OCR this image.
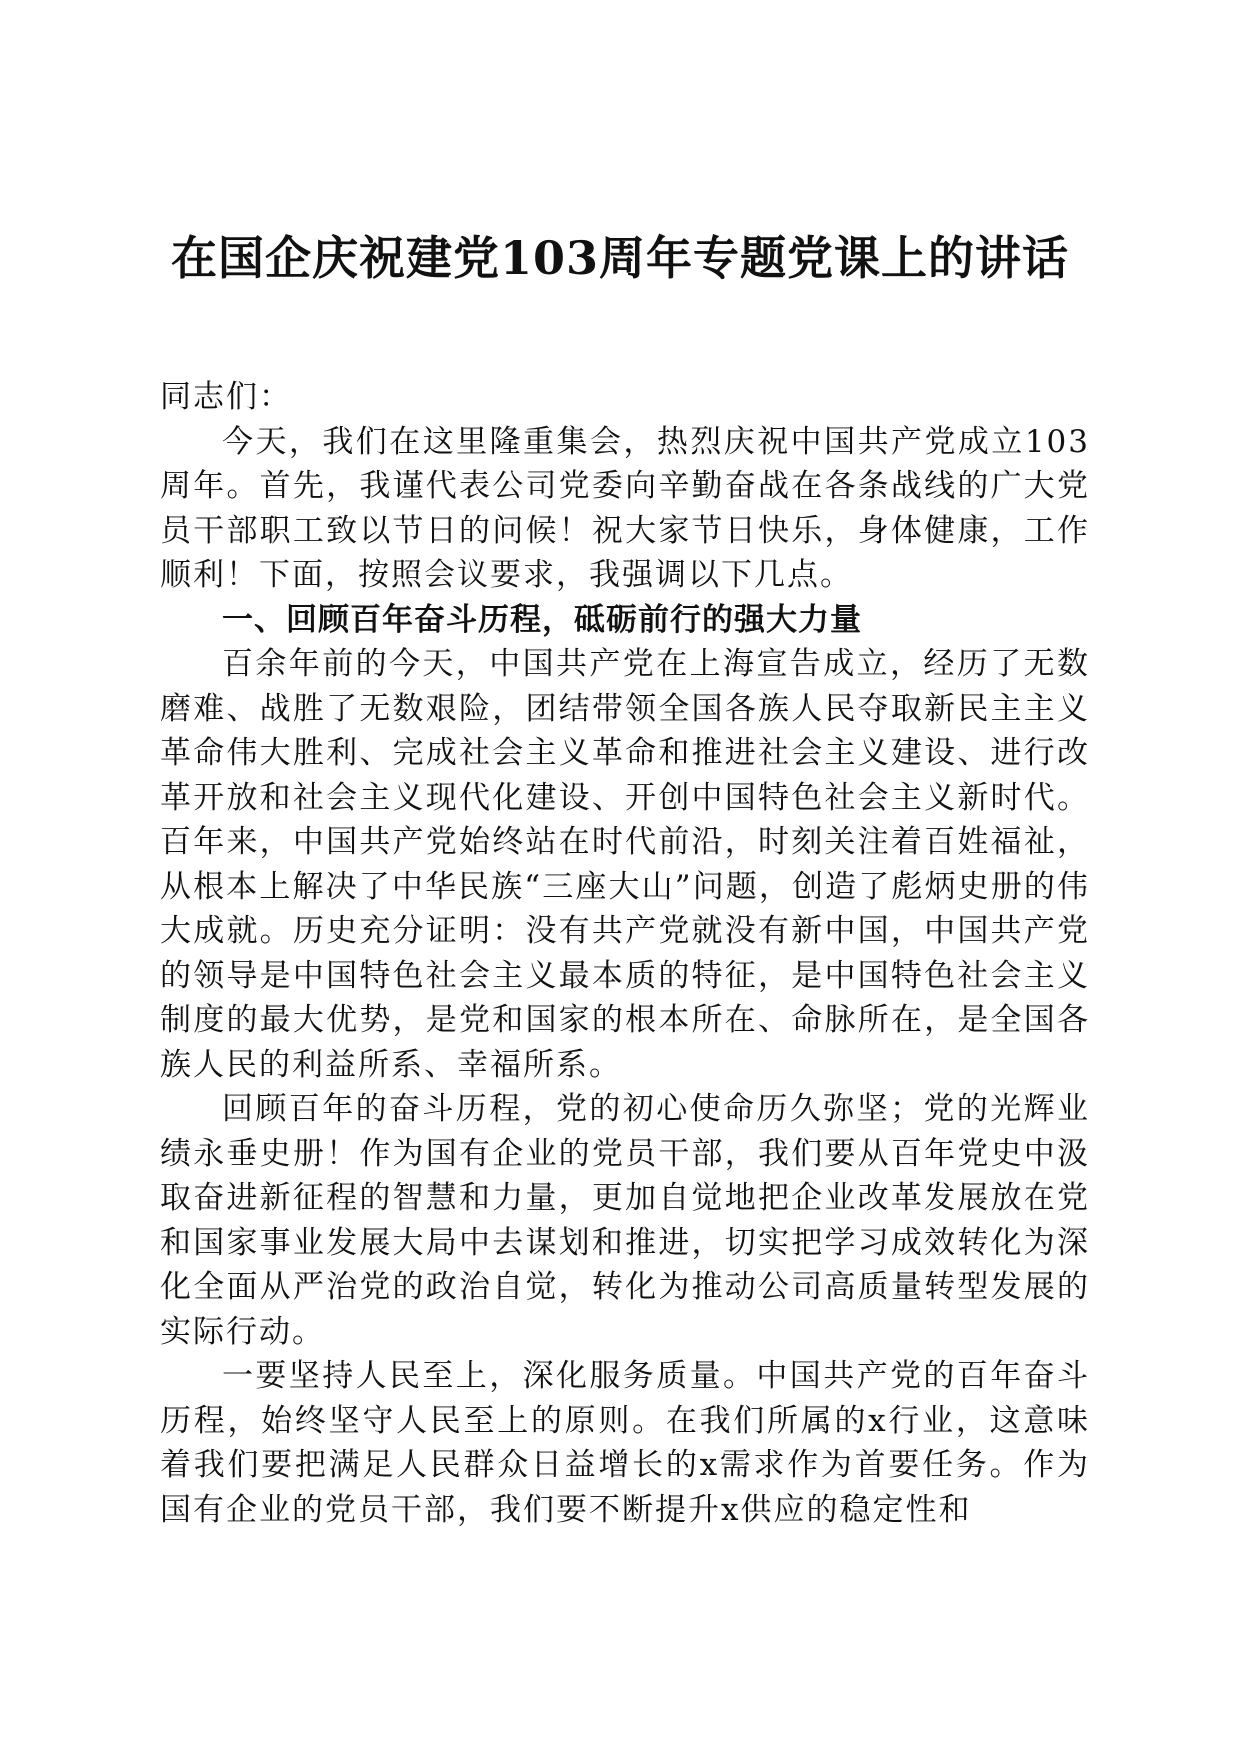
在国企庆祝建党103周年专题党课上的讲话

同志们：

今天，我们在这里隆重集会，热烈庆祝中国共产党成立103周年。首先，我谨代表公司党委向辛勤奋战在各条战线的广大党员干部职工致以节日的问候！祝大家节日快乐，身体健康，工作顺利！下面，按照会议要求，我强调以下几点。

一、回顾百年奋斗历程，砥砺前行的强大力量

百余年前的今天，中国共产党在上海宣告成立，经历了无数磨难、战胜了无数艰险，团结带领全国各族人民夺取新民主主义革命伟大胜利、完成社会主义革命和推进社会主义建设、进行改革开放和社会主义现代化建设、开创中国特色社会主义新时代。百年来，中国共产党始终站在时代前沿，时刻关注着百姓福祉，从根本上解决了中华民族“三座大山”问题，创造了彪炳史册的伟大成就。历史充分证明：没有共产党就没有新中国，中国共产党的领导是中国特色社会主义最本质的特征，是中国特色社会主义制度的最大优势，是党和国家的根本所在、命脉所在，是全国各族人民的利益所系、幸福所系。

回顾百年的奋斗历程，党的初心使命历久弥坚；党的光辉业绩永垂史册！作为国有企业的党员干部，我们要从百年党史中汲取奋进新征程的智慧和力量，更加自觉地把企业改革发展放在党和国家事业发展大局中去谋划和推进，切实把学习成效转化为深化全面从严治党的政治自觉，转化为推动公司高质量转型发展的实际行动。

一要坚持人民至上，深化服务质量。中国共产党的百年奋斗历程，始终坚守人民至上的原则。在我们所属的x行业，这意味着我们要把满足人民群众日益增长的x需求作为首要任务。作为国有企业的党员干部，我们要不断提升x供应的稳定性和
